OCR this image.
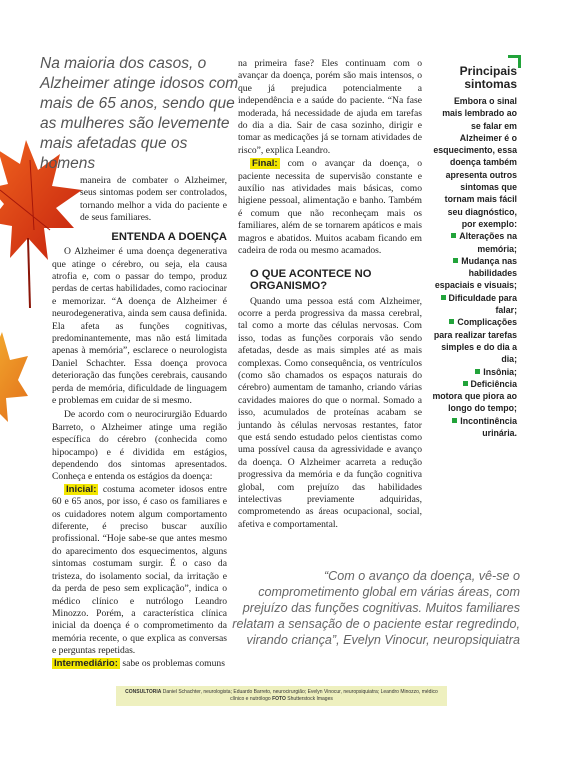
Na maioria dos casos, o Alzheimer atinge idosos com mais de 65 anos, sendo que as mulheres são levemente mais afetadas que os homens

maneira de combater o Alzheimer, seus sintomas podem ser controlados, tornando melhor a vida do paciente e de seus familiares.

ENTENDA A DOENÇA

O Alzheimer é uma doença degenerativa que atinge o cérebro, ou seja, ela causa atrofia e, com o passar do tempo, produz perdas de certas habilidades, como raciocinar e memorizar. “A doença de Alzheimer é neurodegenerativa, ainda sem causa definida. Ela afeta as funções cognitivas, predominantemente, mas não está limitada apenas à memória”, esclarece o neurologista Daniel Schachter. Essa doença provoca deterioração das funções cerebrais, causando perda de memória, dificuldade de linguagem e problemas em cuidar de si mesmo.

De acordo com o neurocirurgião Eduardo Barreto, o Alzheimer atinge uma região específica do cérebro (conhecida como hipocampo) e é dividida em estágios, dependendo dos sintomas apresentados. Conheça e entenda os estágios da doença:

Inicial: costuma acometer idosos entre 60 e 65 anos, por isso, é caso os familiares e os cuidadores notem algum comportamento diferente, é preciso buscar auxílio profissional. “Hoje sabe-se que antes mesmo do aparecimento dos esquecimentos, alguns sintomas costumam surgir. É o caso da tristeza, do isolamento social, da irritação e da perda de peso sem explicação”, indica o médico clínico e nutrólogo Leandro Minozzo. Porém, a característica clínica inicial da doença é o comprometimento da memória recente, o que explica as conversas e perguntas repetidas.

Intermediário: sabe os problemas comuns

na primeira fase? Eles continuam com o avançar da doença, porém são mais intensos, o que já prejudica potencialmente a independência e a saúde do paciente. “Na fase moderada, há necessidade de ajuda em tarefas do dia a dia. Sair de casa sozinho, dirigir e tomar as medicações já se tornam atividades de risco”, explica Leandro.

Final: com o avançar da doença, o paciente necessita de supervisão constante e auxílio nas atividades mais básicas, como higiene pessoal, alimentação e banho. Também é comum que não reconheçam mais os familiares, além de se tornarem apáticos e mais magros e abatidos. Muitos acabam ficando em cadeira de roda ou mesmo acamados.

O QUE ACONTECE NO ORGANISMO?

Quando uma pessoa está com Alzheimer, ocorre a perda progressiva da massa cerebral, tal como a morte das células nervosas. Com isso, todas as funções corporais vão sendo afetadas, desde as mais simples até as mais complexas. Como consequência, os ventrículos (como são chamados os espaços naturais do cérebro) aumentam de tamanho, criando várias cavidades maiores do que o normal. Somado a isso, acumulados de proteínas acabam se juntando às células nervosas restantes, fator que está sendo estudado pelos cientistas como uma possível causa da agressividade e avanço da doença. O Alzheimer acarreta a redução progressiva da memória e da função cognitiva global, com prejuízo das habilidades intelectivas previamente adquiridas, comprometendo as áreas ocupacional, social, afetiva e comportamental.

Principais sintomas

Embora o sinal mais lembrado ao se falar em Alzheimer é o esquecimento, essa doença também apresenta outros sintomas que tornam mais fácil seu diagnóstico, por exemplo:

Alterações na memória;
Mudança nas habilidades espaciais e visuais;
Dificuldade para falar;
Complicações para realizar tarefas simples e do dia a dia;
Insônia;
Deficiência motora que piora ao longo do tempo;
Incontinência urinária.

“Com o avanço da doença, vê-se o comprometimento global em várias áreas, com prejuízo das funções cognitivas. Muitos familiares relatam a sensação de o paciente estar regredindo, virando criança”, Evelyn Vinocur, neuropsiquiatra

CONSULTORIA Daniel Schachter, neurologista; Eduardo Barreto, neurocirurgião; Evelyn Vinocur, neuropsiquiatra; Leandro Minozzo, médico clínico e nutrólogo FOTO Shutterstock Images
